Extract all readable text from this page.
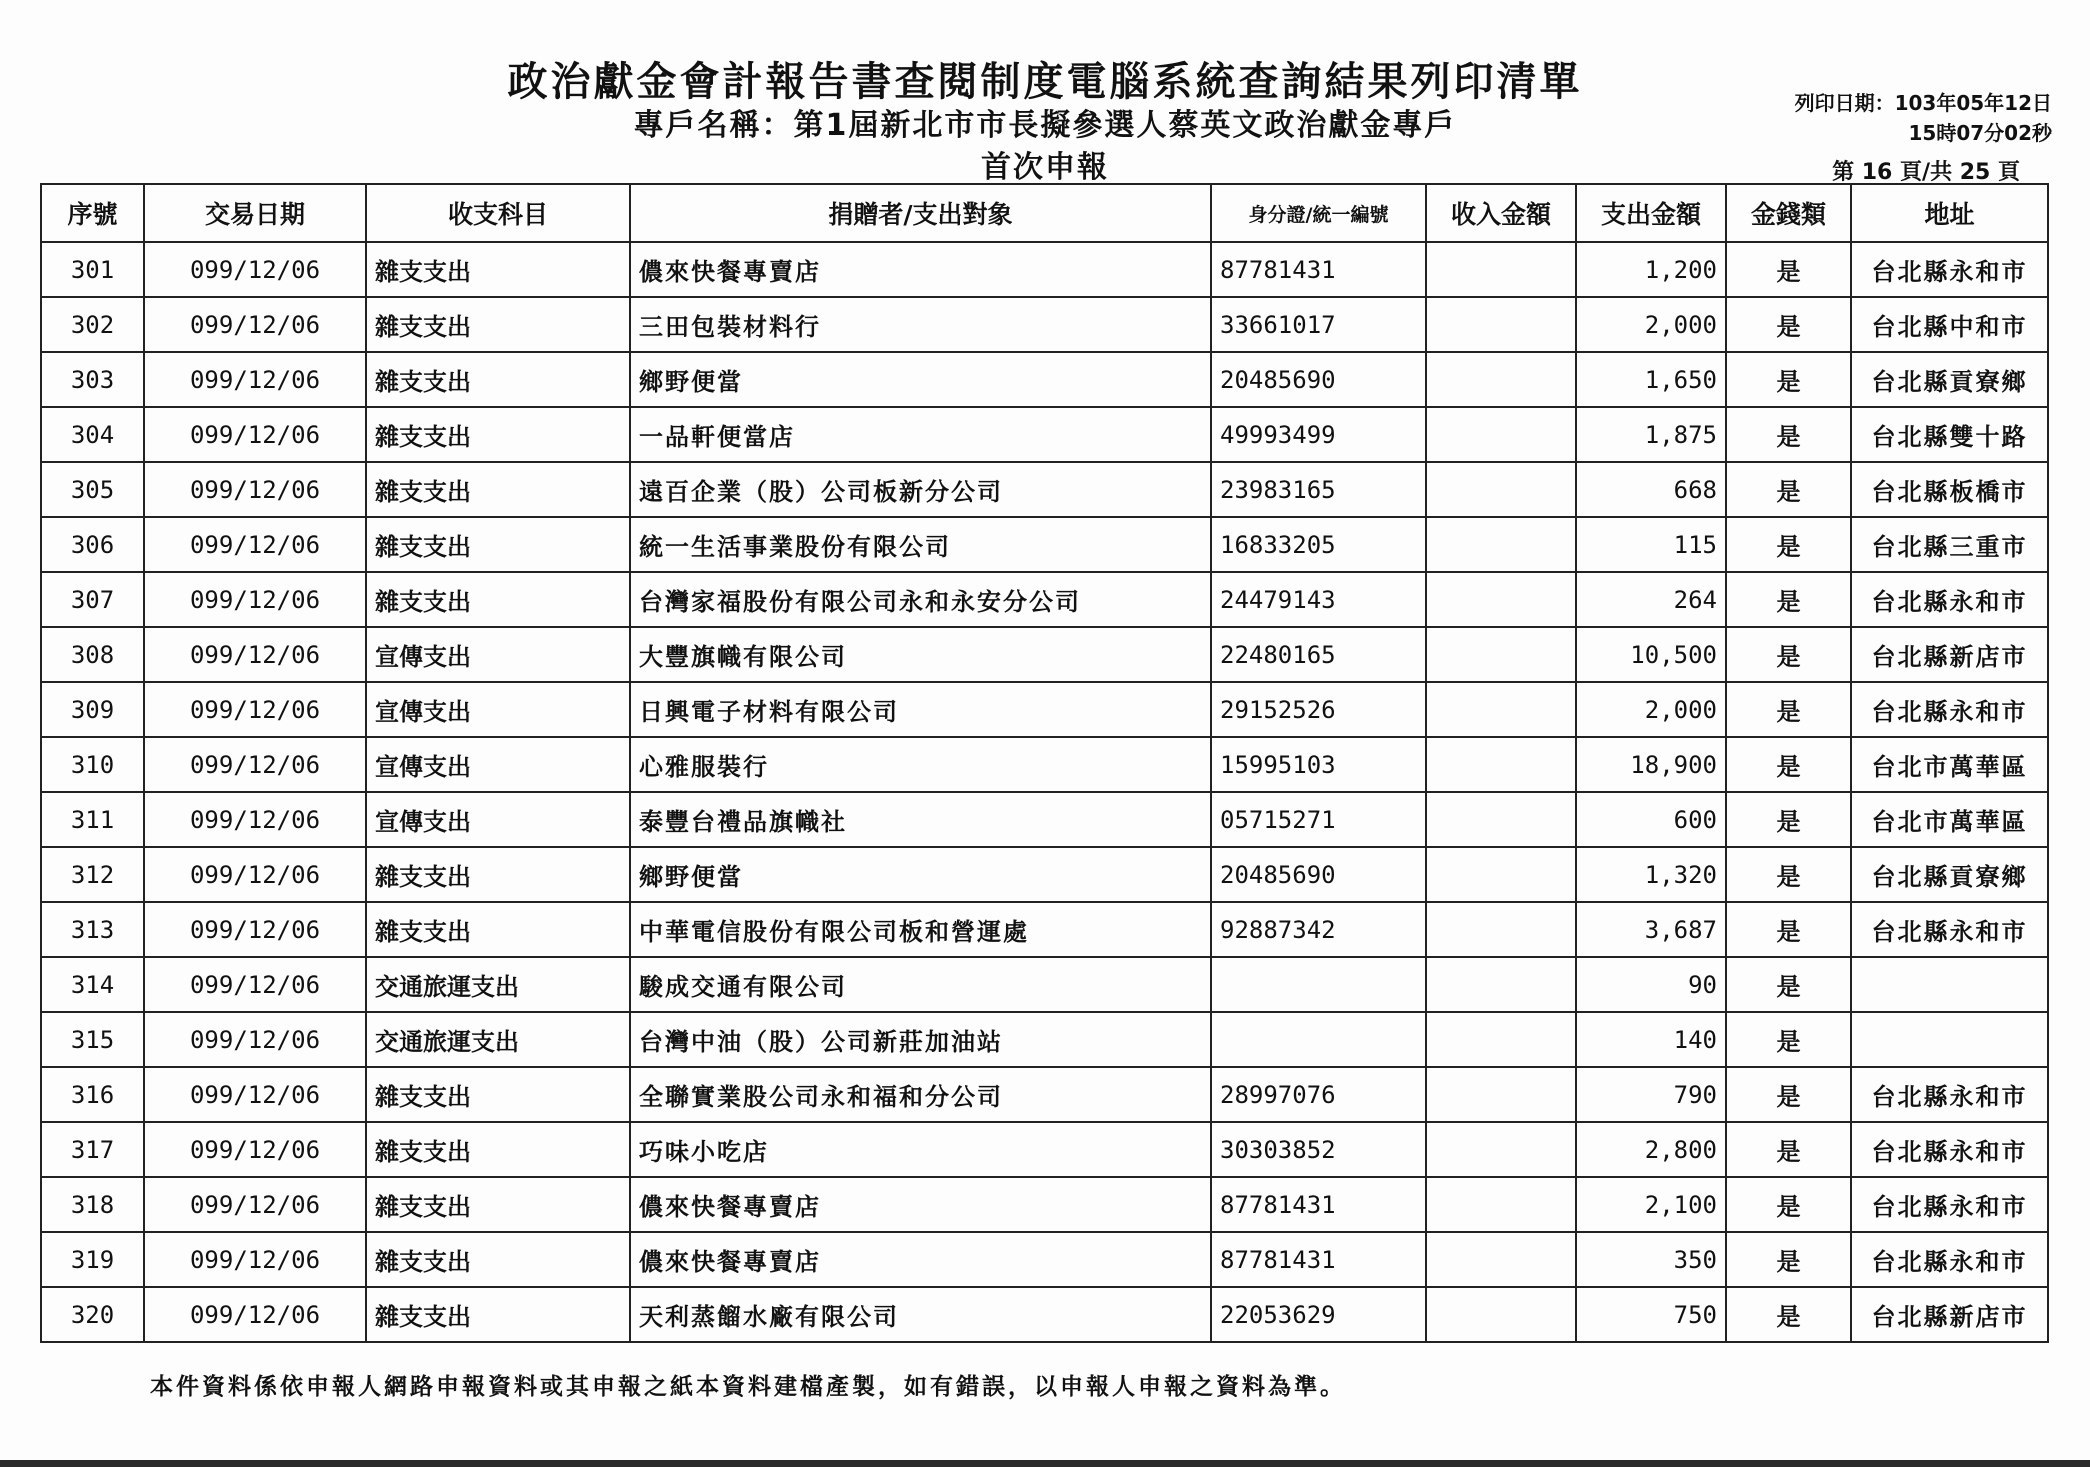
政治獻金會計報告書查閱制度電腦系統查詢結果列印清單
專戶名稱：第1屆新北市市長擬參選人蔡英文政治獻金專戶
首次申報
列印日期：103年05年12日
15時07分02秒
第 16 頁/共 25 頁
序號	交易日期	收支科目	捐贈者/支出對象	身分證/統一編號	收入金額	支出金額	金錢類	地址
301	099/12/06	雜支支出	儂來快餐專賣店	87781431		1,200	是	台北縣永和市
302	099/12/06	雜支支出	三田包裝材料行	33661017		2,000	是	台北縣中和市
303	099/12/06	雜支支出	鄉野便當	20485690		1,650	是	台北縣貢寮鄉
304	099/12/06	雜支支出	一品軒便當店	49993499		1,875	是	台北縣雙十路
305	099/12/06	雜支支出	遠百企業（股）公司板新分公司	23983165		668	是	台北縣板橋市
306	099/12/06	雜支支出	統一生活事業股份有限公司	16833205		115	是	台北縣三重市
307	099/12/06	雜支支出	台灣家福股份有限公司永和永安分公司	24479143		264	是	台北縣永和市
308	099/12/06	宣傳支出	大豐旗幟有限公司	22480165		10,500	是	台北縣新店市
309	099/12/06	宣傳支出	日興電子材料有限公司	29152526		2,000	是	台北縣永和市
310	099/12/06	宣傳支出	心雅服裝行	15995103		18,900	是	台北市萬華區
311	099/12/06	宣傳支出	泰豐台禮品旗幟社	05715271		600	是	台北市萬華區
312	099/12/06	雜支支出	鄉野便當	20485690		1,320	是	台北縣貢寮鄉
313	099/12/06	雜支支出	中華電信股份有限公司板和營運處	92887342		3,687	是	台北縣永和市
314	099/12/06	交通旅運支出	駿成交通有限公司			90	是	
315	099/12/06	交通旅運支出	台灣中油（股）公司新莊加油站			140	是	
316	099/12/06	雜支支出	全聯實業股公司永和福和分公司	28997076		790	是	台北縣永和市
317	099/12/06	雜支支出	巧味小吃店	30303852		2,800	是	台北縣永和市
318	099/12/06	雜支支出	儂來快餐專賣店	87781431		2,100	是	台北縣永和市
319	099/12/06	雜支支出	儂來快餐專賣店	87781431		350	是	台北縣永和市
320	099/12/06	雜支支出	天利蒸餾水廠有限公司	22053629		750	是	台北縣新店市
本件資料係依申報人網路申報資料或其申報之紙本資料建檔產製，如有錯誤，以申報人申報之資料為準。
